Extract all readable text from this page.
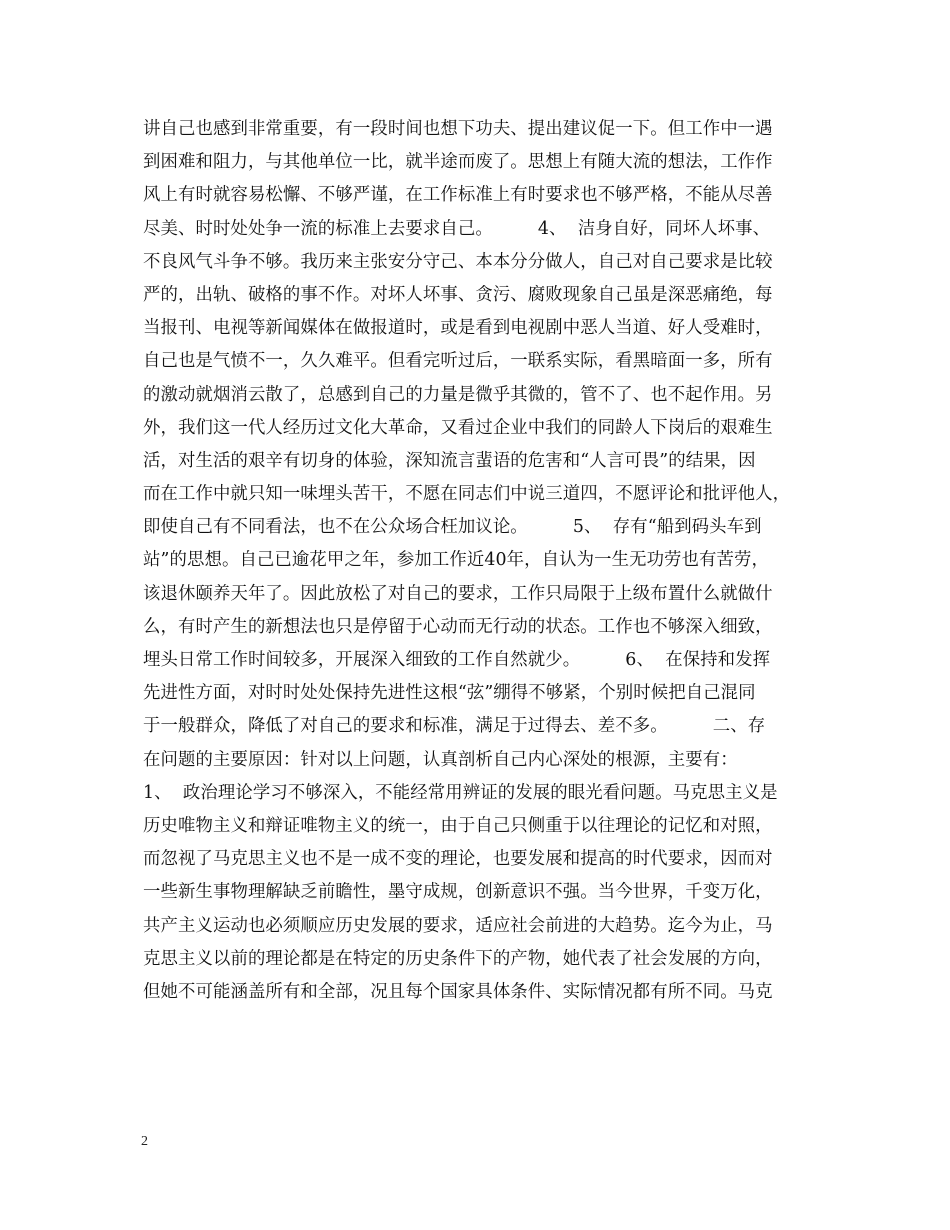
讲自己也感到非常重要，有一段时间也想下功夫、提出建议促一下。但工作中一遇
到困难和阻力，与其他单位一比，就半途而废了。思想上有随大流的想法，工作作
风上有时就容易松懈、不够严谨，在工作标准上有时要求也不够严格，不能从尽善
尽美、时时处处争一流的标准上去要求自己。        4、  洁身自好，同坏人坏事、
不良风气斗争不够。我历来主张安分守己、本本分分做人，自己对自己要求是比较
严的，出轨、破格的事不作。对坏人坏事、贪污、腐败现象自己虽是深恶痛绝，每
当报刊、电视等新闻媒体在做报道时，或是看到电视剧中恶人当道、好人受难时，
自己也是气愤不一，久久难平。但看完听过后，一联系实际，看黑暗面一多，所有
的激动就烟消云散了，总感到自己的力量是微乎其微的，管不了、也不起作用。另
外，我们这一代人经历过文化大革命，又看过企业中我们的同龄人下岗后的艰难生
活，对生活的艰辛有切身的体验，深知流言蜚语的危害和“人言可畏”的结果，因
而在工作中就只知一味埋头苦干，不愿在同志们中说三道四，不愿评论和批评他人，
即使自己有不同看法，也不在公众场合枉加议论。        5、  存有“船到码头车到
站”的思想。自己已逾花甲之年，参加工作近40年，自认为一生无功劳也有苦劳，
该退休颐养天年了。因此放松了对自己的要求，工作只局限于上级布置什么就做什
么，有时产生的新想法也只是停留于心动而无行动的状态。工作也不够深入细致，
埋头日常工作时间较多，开展深入细致的工作自然就少。        6、  在保持和发挥
先进性方面，对时时处处保持先进性这根“弦”绷得不够紧，个别时候把自己混同
于一般群众，降低了对自己的要求和标准，满足于过得去、差不多。        二、存
在问题的主要原因：针对以上问题，认真剖析自己内心深处的根源，主要有：
1、  政治理论学习不够深入，不能经常用辨证的发展的眼光看问题。马克思主义是
历史唯物主义和辩证唯物主义的统一，由于自己只侧重于以往理论的记忆和对照，
而忽视了马克思主义也不是一成不变的理论，也要发展和提高的时代要求，因而对
一些新生事物理解缺乏前瞻性，墨守成规，创新意识不强。当今世界，千变万化，
共产主义运动也必须顺应历史发展的要求，适应社会前进的大趋势。迄今为止，马
克思主义以前的理论都是在特定的历史条件下的产物，她代表了社会发展的方向，
但她不可能涵盖所有和全部，况且每个国家具体条件、实际情况都有所不同。马克
2
